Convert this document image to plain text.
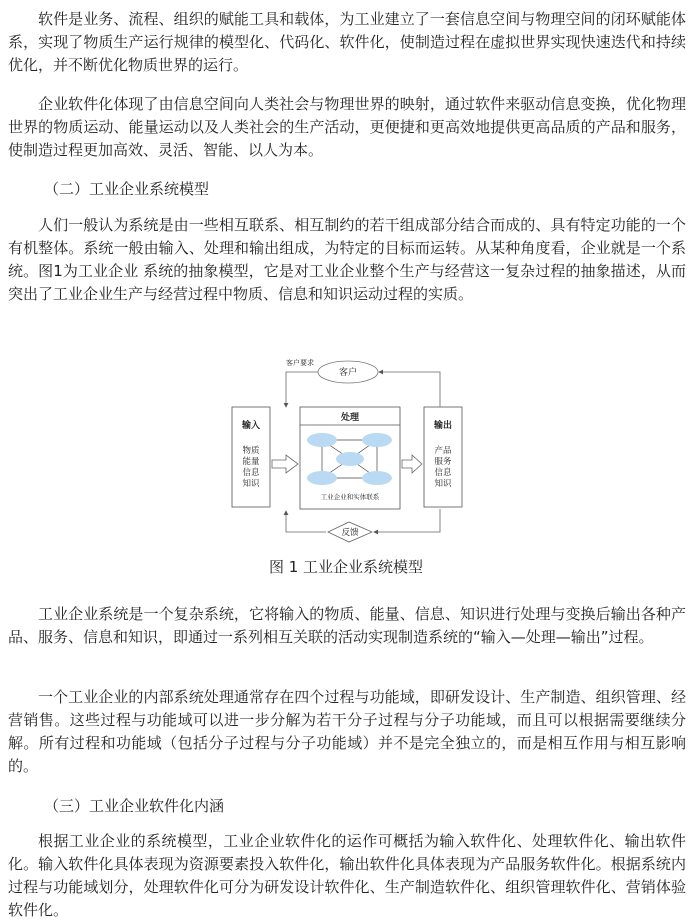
软件是业务、流程、组织的赋能工具和载体，为工业建立了一套信息空间与物理空间的闭环赋能体系，实现了物质生产运行规律的模型化、代码化、软件化，使制造过程在虚拟世界实现快速迭代和持续优化，并不断优化物质世界的运行。

企业软件化体现了由信息空间向人类社会与物理世界的映射，通过软件来驱动信息变换，优化物理世界的物质运动、能量运动以及人类社会的生产活动，更便捷和更高效地提供更高品质的产品和服务，使制造过程更加高效、灵活、智能、以人为本。

（二）工业企业系统模型

人们一般认为系统是由一些相互联系、相互制约的若干组成部分结合而成的、具有特定功能的一个有机整体。系统一般由输入、处理和输出组成，为特定的目标而运转。从某种角度看，企业就是一个系统。图1为工业企业 系统的抽象模型，它是对工业企业整个生产与经营这一复杂过程的抽象描述，从而突出了工业企业生产与经营过程中物质、信息和知识运动过程的实质。

客户要求
客户
输入
物质
能量
信息
知识
处理
工业企业和实体联系
输出
产品
服务
信息
知识
反馈
图 1 工业企业系统模型

工业企业系统是一个复杂系统，它将输入的物质、能量、信息、知识进行处理与变换后输出各种产品、服务、信息和知识，即通过一系列相互关联的活动实现制造系统的“输入—处理—输出”过程。

一个工业企业的内部系统处理通常存在四个过程与功能域，即研发设计、生产制造、组织管理、经营销售。这些过程与功能域可以进一步分解为若干分子过程与分子功能域，而且可以根据需要继续分解。所有过程和功能域（包括分子过程与分子功能域）并不是完全独立的，而是相互作用与相互影响的。

（三）工业企业软件化内涵

根据工业企业的系统模型，工业企业软件化的运作可概括为输入软件化、处理软件化、输出软件化。输入软件化具体表现为资源要素投入软件化，输出软件化具体表现为产品服务软件化。根据系统内过程与功能域划分，处理软件化可分为研发设计软件化、生产制造软件化、组织管理软件化、营销体验软件化。
